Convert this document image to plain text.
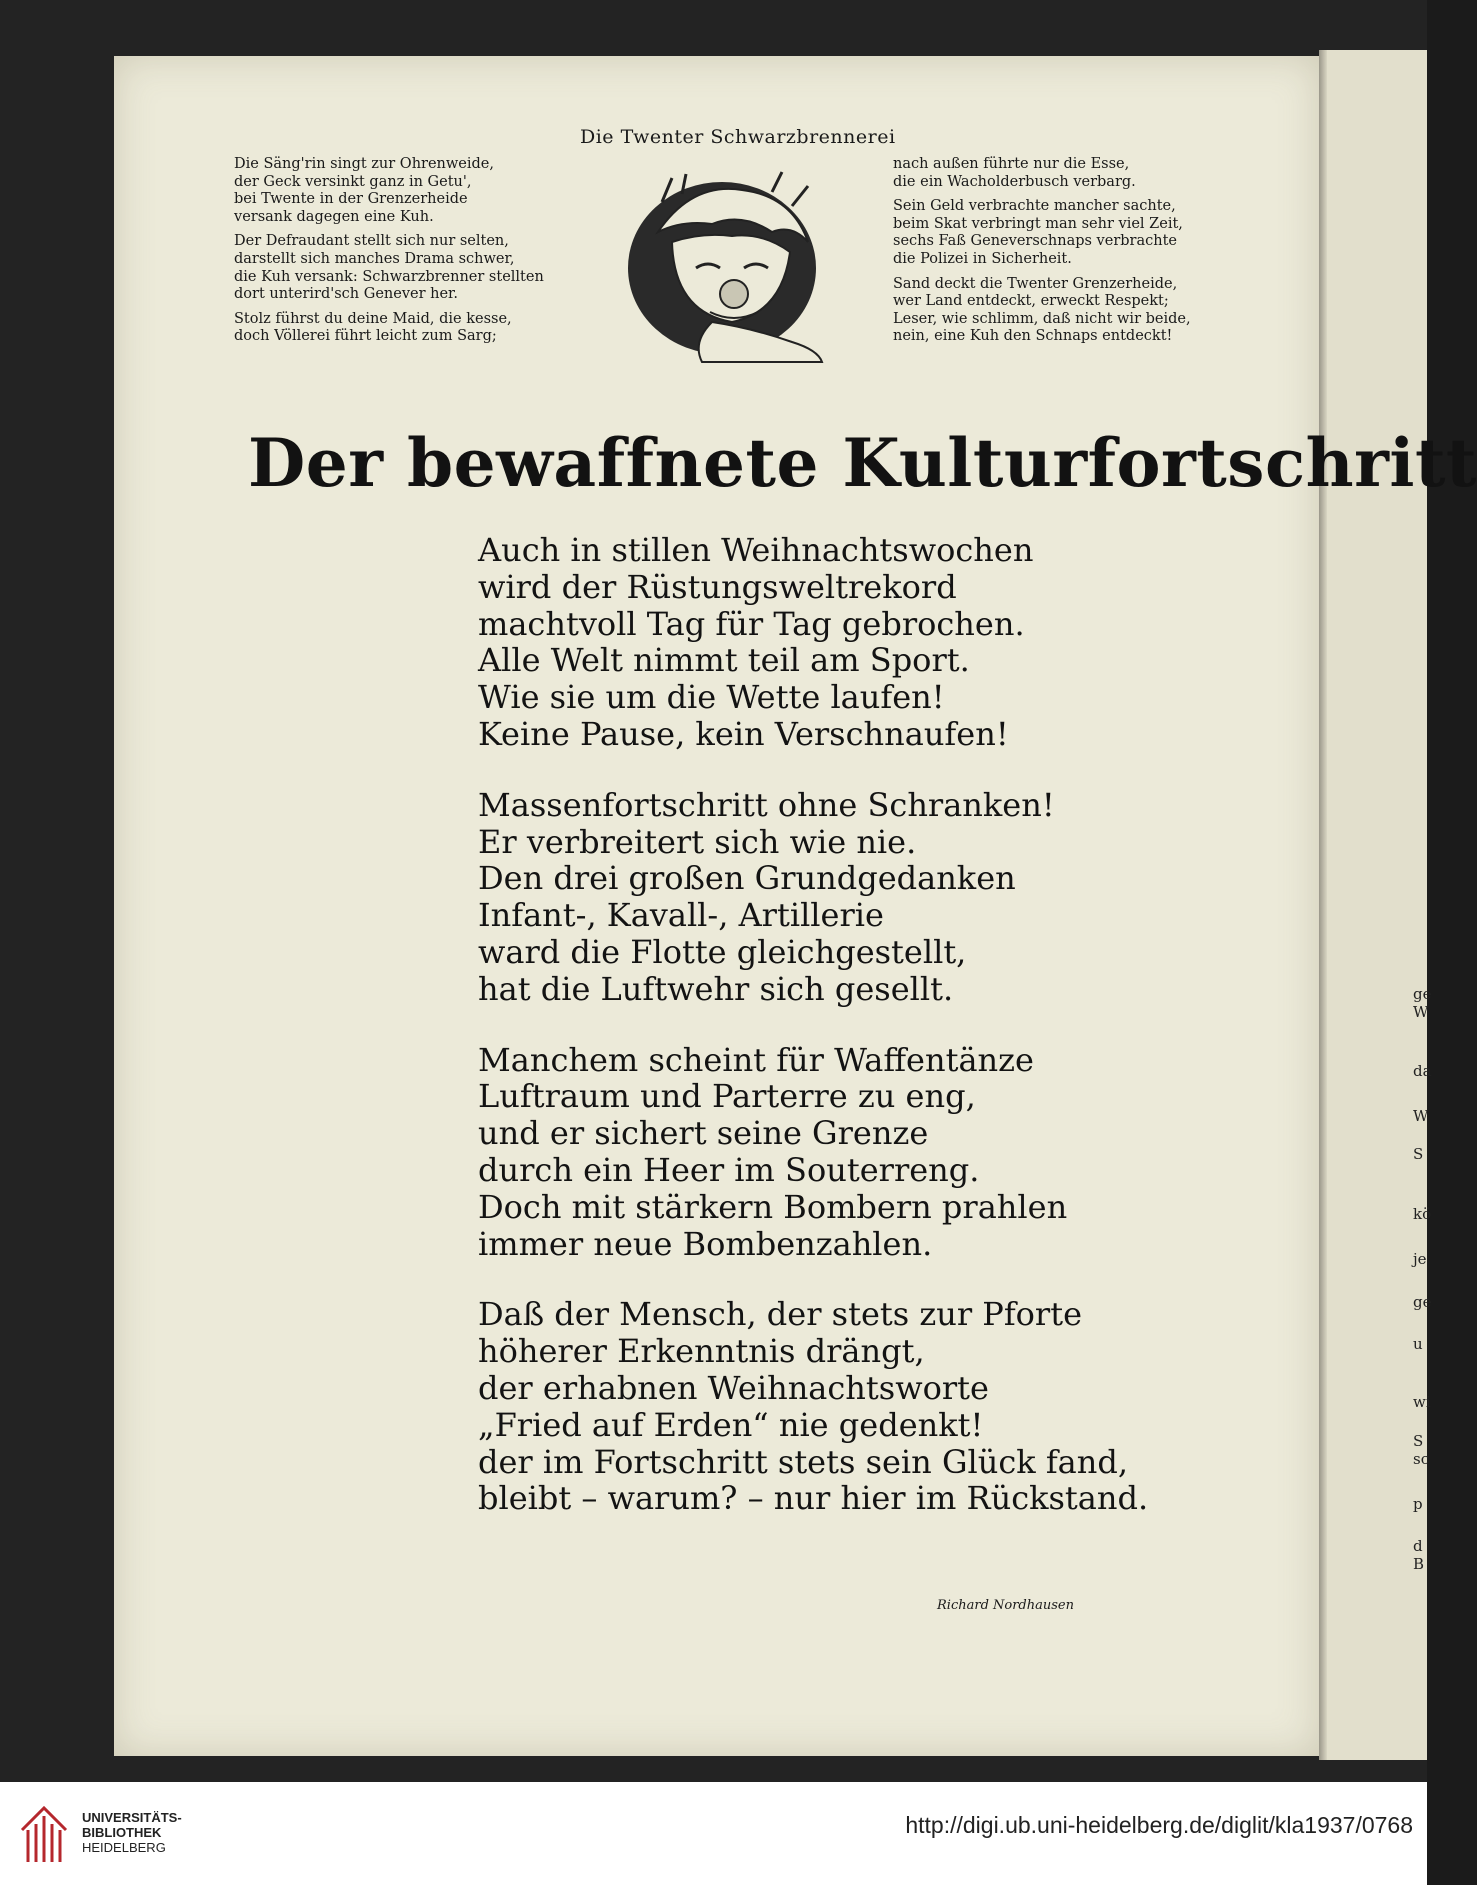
Die Twenter Schwarzbrennerei

Die Säng'rin singt zur Ohrenweide,
der Geck versinkt ganz in Getu',
bei Twente in der Grenzerheide
versank dagegen eine Kuh.

Der Defraudant stellt sich nur selten,
darstellt sich manches Drama schwer,
die Kuh versank: Schwarzbrenner stellten
dort unterird'sch Genever her.

Stolz führst du deine Maid, die kesse,
doch Völlerei führt leicht zum Sarg;

nach außen führte nur die Esse,
die ein Wacholderbusch verbarg.

Sein Geld verbrachte mancher sachte,
beim Skat verbringt man sehr viel Zeit,
sechs Faß Geneverschnaps verbrachte
die Polizei in Sicherheit.

Sand deckt die Twenter Grenzerheide,
wer Land entdeckt, erweckt Respekt;
Leser, wie schlimm, daß nicht wir beide,
nein, eine Kuh den Schnaps entdeckt!

Der bewaffnete Kulturfortschritt
Auch in stillen Weihnachtswochen
wird der Rüstungsweltrekord
machtvoll Tag für Tag gebrochen.
Alle Welt nimmt teil am Sport.
Wie sie um die Wette laufen!
Keine Pause, kein Verschnaufen!
Massenfortschritt ohne Schranken!
Er verbreitert sich wie nie.
Den drei großen Grundgedanken
Infant-, Kavall-, Artillerie
ward die Flotte gleichgestellt,
hat die Luftwehr sich gesellt.
Manchem scheint für Waffentänze
Luftraum und Parterre zu eng,
und er sichert seine Grenze
durch ein Heer im Souterreng.
Doch mit stärkern Bombern prahlen
immer neue Bombenzahlen.
Daß der Mensch, der stets zur Pforte
höherer Erkenntnis drängt,
der erhabnen Weihnachtsworte
„Fried auf Erden“ nie gedenkt!
der im Fortschritt stets sein Glück fand,
bleibt – warum? – nur hier im Rückstand.
Richard Nordhausen
ge
W
da
W
S
kö
je
ge
u
wi
S
sc
p
d
B
UNIVERSITÄTS-
BIBLIOTHEK
HEIDELBERG
http://digi.ub.uni-heidelberg.de/diglit/kla1937/0768
